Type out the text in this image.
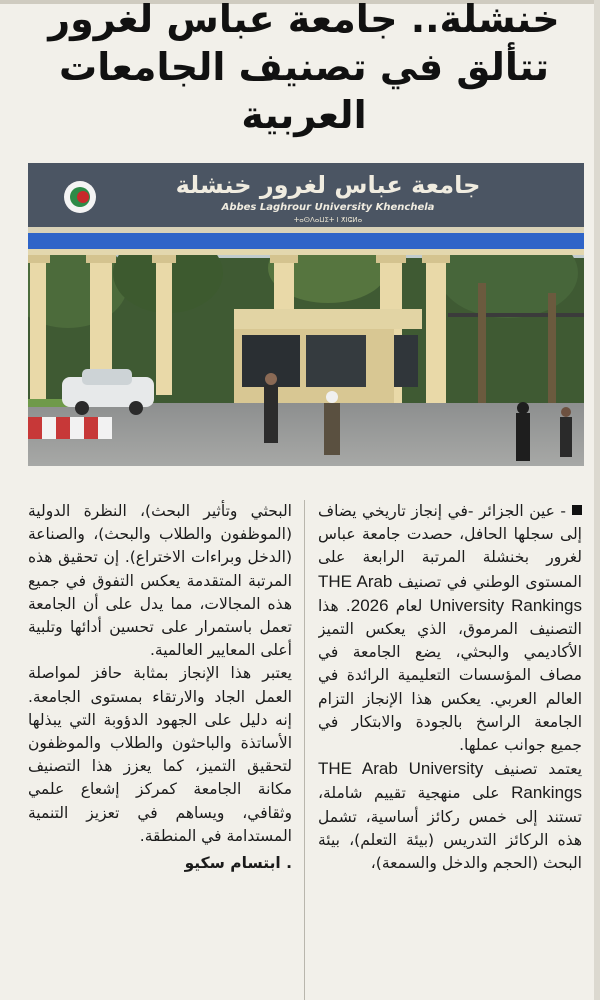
خنشلة.. جامعة عباس لغرور
تتألق في تصنيف الجامعات
العربية
جامعة عباس لغرور خنشلة
Abbes Laghrour University Khenchela
ⵜⴰⵙⴷⴰⵡⵉⵜ ⵏ ⵅⵏⵛⵍⴰ

- عين الجزائر -في إنجاز تاريخي يضاف إلى سجلها الحافل، حصدت جامعة عباس لغرور بخنشلة المرتبة الرابعة على المستوى الوطني في تصنيف THE Arab University Rankings لعام 2026. هذا التصنيف المرموق، الذي يعكس التميز الأكاديمي والبحثي، يضع الجامعة في مصاف المؤسسات التعليمية الرائدة في العالم العربي. يعكس هذا الإنجاز التزام الجامعة الراسخ بالجودة والابتكار في جميع جوانب عملها.

يعتمد تصنيف THE Arab University Rankings على منهجية تقييم شاملة، تستند إلى خمس ركائز أساسية، تشمل هذه الركائز التدريس (بيئة التعلم)، بيئة البحث (الحجم والدخل والسمعة)،

البحثي وتأثير البحث)، النظرة الدولية (الموظفون والطلاب والبحث)، والصناعة (الدخل وبراءات الاختراع). إن تحقيق هذه المرتبة المتقدمة يعكس التفوق في جميع هذه المجالات، مما يدل على أن الجامعة تعمل باستمرار على تحسين أدائها وتلبية أعلى المعايير العالمية.

يعتبر هذا الإنجاز بمثابة حافز لمواصلة العمل الجاد والارتقاء بمستوى الجامعة. إنه دليل على الجهود الدؤوبة التي يبذلها الأساتذة والباحثون والطلاب والموظفون لتحقيق التميز، كما يعزز هذا التصنيف مكانة الجامعة كمركز إشعاع علمي وثقافي، ويساهم في تعزيز التنمية المستدامة في المنطقة.

. ابتسام سكيو
